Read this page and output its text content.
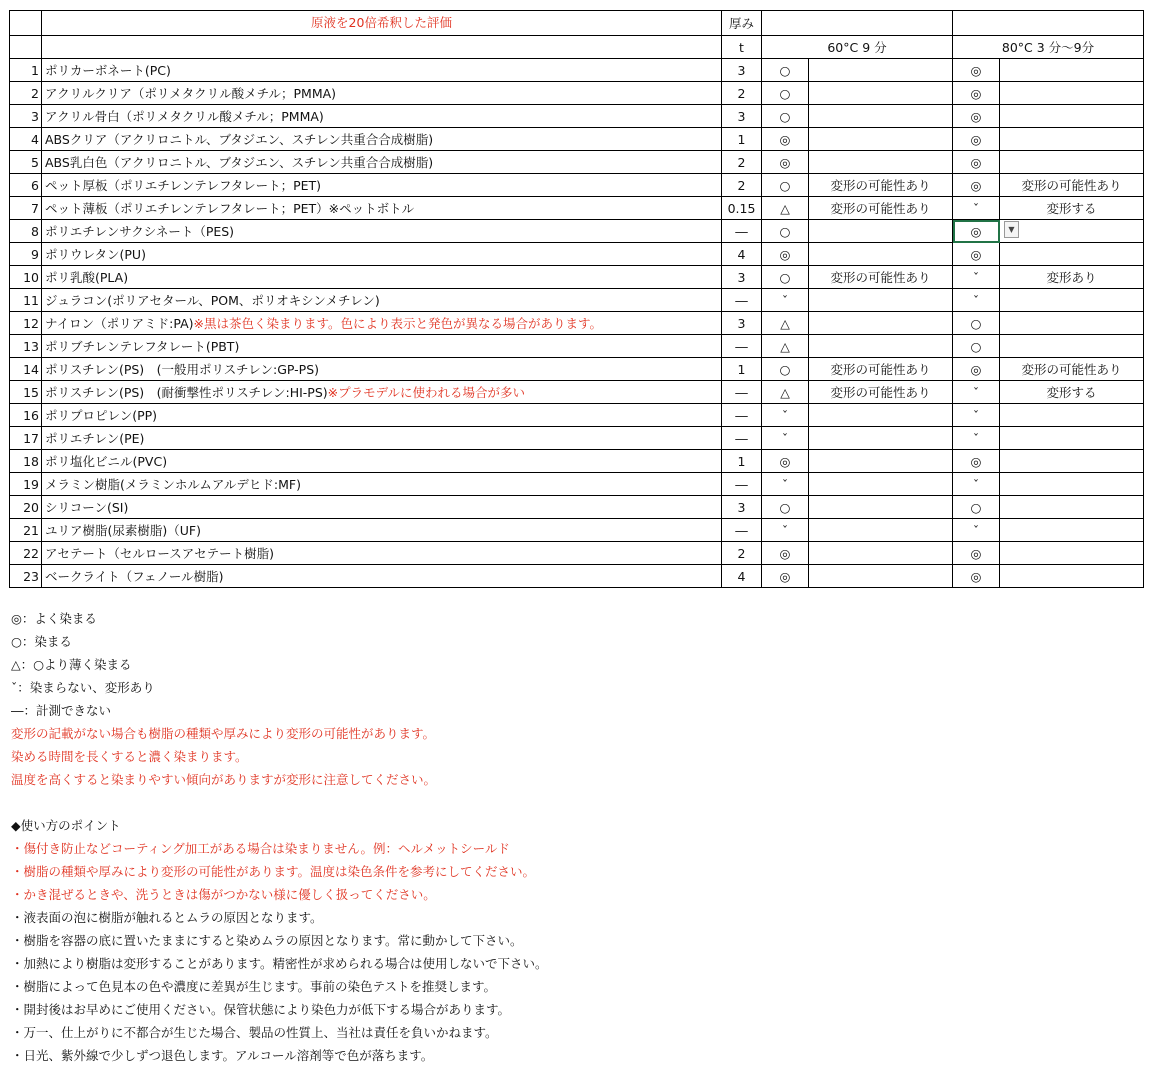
	原液を20倍希釈した評価	厚み				
		t	60°C 9 分		80°C 3 分～9分	
1	ポリカーボネート(PC)	3	○		◎	
2	アクリルクリア（ポリメタクリル酸メチル；PMMA)	2	○		◎	
3	アクリル骨白（ポリメタクリル酸メチル；PMMA)	3	○		◎	
4	ABSクリア（アクリロニトル、ブタジエン、スチレン共重合合成樹脂)	1	◎		◎	
5	ABS乳白色（アクリロニトル、ブタジエン、スチレン共重合合成樹脂)	2	◎		◎	
6	ペット厚板（ポリエチレンテレフタレート；PET)	2	○	変形の可能性あり	◎	変形の可能性あり
7	ペット薄板（ポリエチレンテレフタレート；PET）※ペットボトル	0.15	△	変形の可能性あり	ˇ	変形する
8	ポリエチレンサクシネート（PES)	―	○		◎	
9	ポリウレタン(PU)	4	◎		◎	
10	ポリ乳酸(PLA)	3	○	変形の可能性あり	ˇ	変形あり
11	ジュラコン(ポリアセタール、POM、ポリオキシンメチレン)	―	ˇ		ˇ	
12	ナイロン（ポリアミド:PA)※黒は茶色く染まります。色により表示と発色が異なる場合があります。	3	△		○	
13	ポリブチレンテレフタレート(PBT)	―	△		○	
14	ポリスチレン(PS)　(一般用ポリスチレン:GP-PS)	1	○	変形の可能性あり	◎	変形の可能性あり
15	ポリスチレン(PS)　(耐衝撃性ポリスチレン:HI-PS)※プラモデルに使われる場合が多い	―	△	変形の可能性あり	ˇ	変形する
16	ポリプロピレン(PP)	―	ˇ		ˇ	
17	ポリエチレン(PE)	―	ˇ		ˇ	
18	ポリ塩化ビニル(PVC)	1	◎		◎	
19	メラミン樹脂(メラミンホルムアルデヒド:MF)	―	ˇ		ˇ	
20	シリコーン(SI)	3	○		○	
21	ユリア樹脂(尿素樹脂)（UF)	―	ˇ		ˇ	
22	アセテート（セルロースアセテート樹脂)	2	◎		◎	
23	ベークライト（フェノール樹脂)	4	◎		◎	
▼
◎：よく染まる
○：染まる
△：○より薄く染まる
ˇ：染まらない、変形あり
―：計測できない
変形の記載がない場合も樹脂の種類や厚みにより変形の可能性があります。
染める時間を長くすると濃く染まります。
温度を高くすると染まりやすい傾向がありますが変形に注意してください。
◆使い方のポイント
・傷付き防止などコーティング加工がある場合は染まりません。例：ヘルメットシールド
・樹脂の種類や厚みにより変形の可能性があります。温度は染色条件を参考にしてください。
・かき混ぜるときや、洗うときは傷がつかない様に優しく扱ってください。
・液表面の泡に樹脂が触れるとムラの原因となります。
・樹脂を容器の底に置いたままにすると染めムラの原因となります。常に動かして下さい。
・加熱により樹脂は変形することがあります。精密性が求められる場合は使用しないで下さい。
・樹脂によって色見本の色や濃度に差異が生じます。事前の染色テストを推奨します。
・開封後はお早めにご使用ください。保管状態により染色力が低下する場合があります。
・万一、仕上がりに不都合が生じた場合、製品の性質上、当社は責任を負いかねます。
・日光、紫外線で少しずつ退色します。アルコール溶剤等で色が落ちます。
